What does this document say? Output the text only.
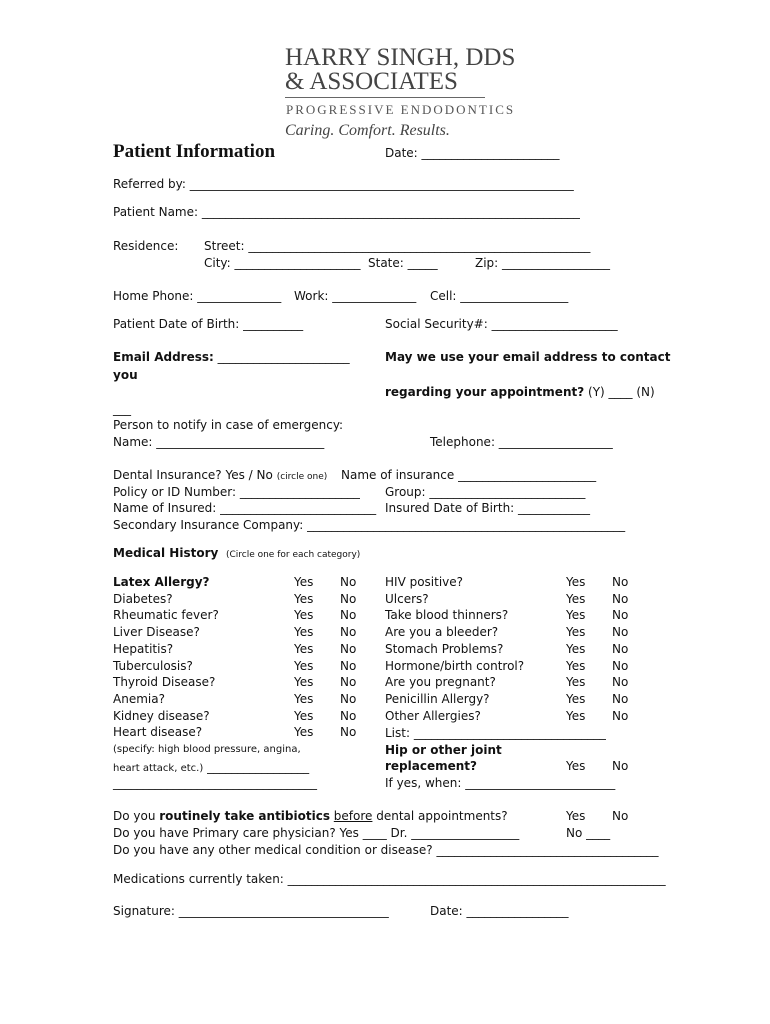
HARRY SINGH, DDS
& ASSOCIATES
PROGRESSIVE ENDODONTICS
Caring. Comfort. Results.
Patient Information	Date: _______________________
Referred by: ________________________________________________________________
Patient Name: _______________________________________________________________
Residence: Street: _________________________________________________________
City: _____________________ State: _____	Zip: __________________
Home Phone: ______________ Work: ______________ Cell: __________________
Patient Date of Birth: __________	Social Security#: _____________________
Email Address: ______________________
you
May we use your email address to contact
regarding your appointment? (Y) ____ (N)
___
Person to notify in case of emergency:
Name: ____________________________	Telephone: ___________________
Dental Insurance? Yes / No (circle one) Name of insurance _______________________
Policy or ID Number: ____________________ Group: __________________________
Name of Insured: __________________________ Insured Date of Birth: ____________
Secondary Insurance Company: _____________________________________________________
Medical History (Circle one for each category)
Latex Allergy?	Yes No
Diabetes?	Yes No
Rheumatic fever?	Yes No
Liver Disease?	Yes No
Hepatitis?	Yes No
Tuberculosis?	Yes No
Thyroid Disease?	Yes No
Anemia?	Yes No
Kidney disease?	Yes No
Heart disease?	Yes No
HIV positive?	Yes No
Ulcers?	Yes No
Take blood thinners?	Yes No
Are you a bleeder?	Yes No
Stomach Problems?	Yes No
Hormone/birth control?	Yes No
Are you pregnant?	Yes No
Penicillin Allergy?	Yes No
Other Allergies?	Yes No
List: ________________________________
(specify: high blood pressure, angina,
heart attack, etc.) _________________
__________________________________
Hip or other joint
replacement?	Yes No
If yes, when: _________________________
Do you routinely take antibiotics before dental appointments?	Yes No
Do you have Primary care physician? Yes ____ Dr. __________________	No ____
Do you have any other medical condition or disease? _____________________________________
Medications currently taken: _______________________________________________________________
Signature: ___________________________________	Date: _________________
